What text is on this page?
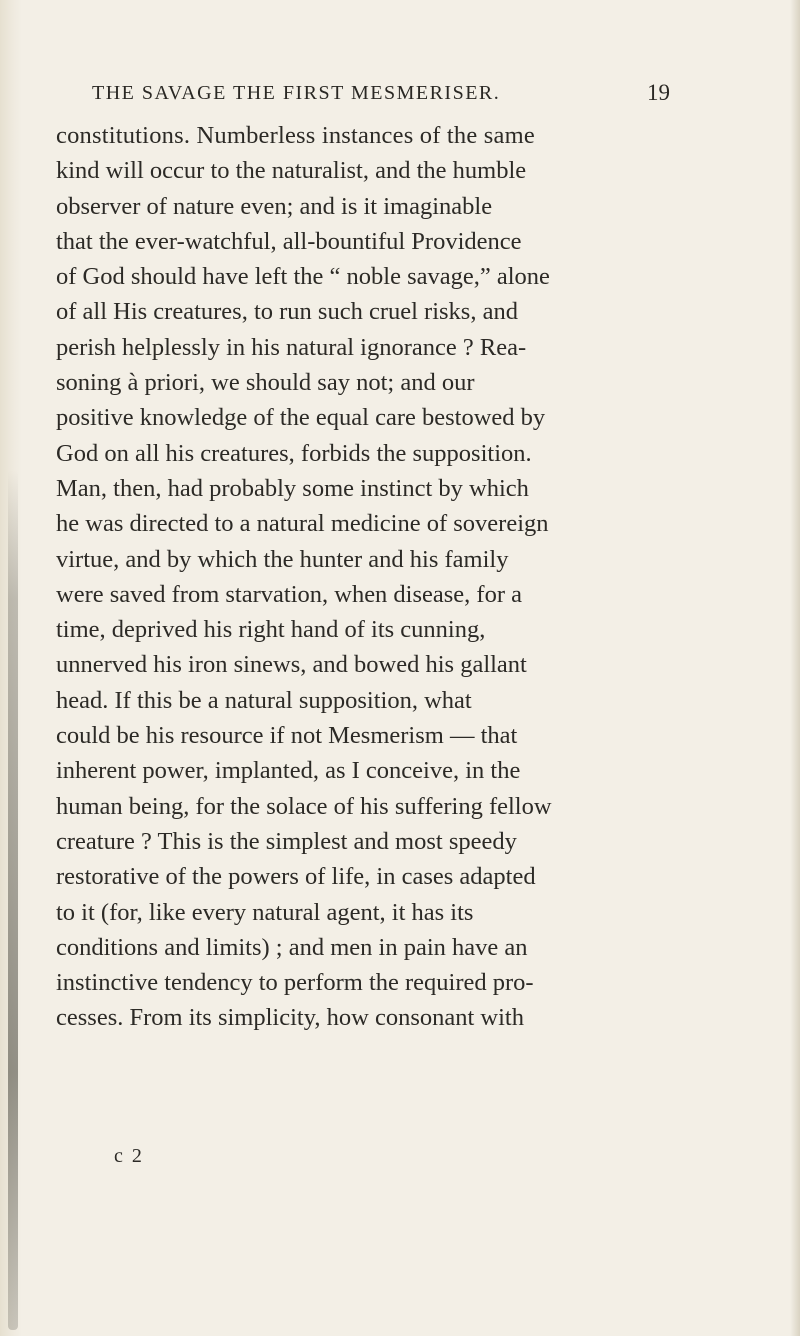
THE SAVAGE THE FIRST MESMERISER.	19
constitutions. Numberless instances of the same
kind will occur to the naturalist, and the humble
observer of nature even; and is it imaginable
that the ever-watchful, all-bountiful Providence
of God should have left the “ noble savage,” alone
of all His creatures, to run such cruel risks, and
perish helplessly in his natural ignorance ? Rea-
soning à priori, we should say not; and our
positive knowledge of the equal care bestowed by
God on all his creatures, forbids the supposition.
Man, then, had probably some instinct by which
he was directed to a natural medicine of sovereign
virtue, and by which the hunter and his family
were saved from starvation, when disease, for a
time, deprived his right hand of its cunning,
unnerved his iron sinews, and bowed his gallant
head. If this be a natural supposition, what
could be his resource if not Mesmerism — that
inherent power, implanted, as I conceive, in the
human being, for the solace of his suffering fellow
creature ? This is the simplest and most speedy
restorative of the powers of life, in cases adapted
to it (for, like every natural agent, it has its
conditions and limits) ; and men in pain have an
instinctive tendency to perform the required pro-
cesses. From its simplicity, how consonant with
c 2
